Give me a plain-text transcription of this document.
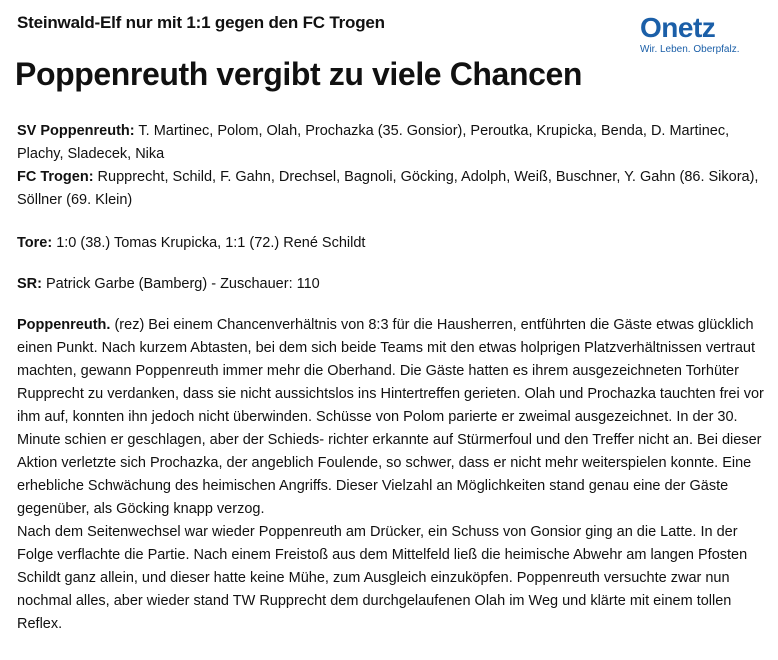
Steinwald-Elf nur mit 1:1 gegen den FC Trogen	Onetz
Wir. Leben. Oberpfalz.
Poppenreuth vergibt zu viele Chancen
SV Poppenreuth: T. Martinec, Polom, Olah, Prochazka (35. Gonsior), Peroutka, Krupicka, Benda, D. Martinec, Plachy, Sladecek, Nika
FC Trogen: Rupprecht, Schild, F. Gahn, Drechsel, Bagnoli, Göcking, Adolph, Weiß, Buschner, Y. Gahn (86. Sikora), Söllner (69. Klein)
Tore: 1:0 (38.) Tomas Krupicka, 1:1 (72.) René Schildt
SR: Patrick Garbe (Bamberg) - Zuschauer: 110
Poppenreuth. (rez) Bei einem Chancenverhältnis von 8:3 für die Hausherren, entführten die Gäste etwas glücklich einen Punkt. Nach kurzem Abtasten, bei dem sich beide Teams mit den etwas holprigen Platzverhältnissen vertraut machten, gewann Poppenreuth immer mehr die Oberhand. Die Gäste hatten es ihrem ausgezeichneten Torhüter Rupprecht zu verdanken, dass sie nicht aussichtslos ins Hintertreffen gerieten. Olah und Prochazka tauchten frei vor ihm auf, konnten ihn jedoch nicht überwinden. Schüsse von Polom parierte er zweimal ausgezeichnet. In der 30. Minute schien er geschlagen, aber der Schieds- richter erkannte auf Stürmerfoul und den Treffer nicht an. Bei dieser Aktion verletzte sich Prochazka, der angeblich Foulende, so schwer, dass er nicht mehr weiterspielen konnte. Eine erhebliche Schwächung des heimischen Angriffs. Dieser Vielzahl an Möglichkeiten stand genau eine der Gäste gegenüber, als Göcking knapp verzog.
Nach dem Seitenwechsel war wieder Poppenreuth am Drücker, ein Schuss von Gonsior ging an die Latte. In der Folge verflachte die Partie. Nach einem Freistoß aus dem Mittelfeld ließ die heimische Abwehr am langen Pfosten Schildt ganz allein, und dieser hatte keine Mühe, zum Ausgleich einzuköpfen. Poppenreuth versuchte zwar nun nochmal alles, aber wieder stand TW Rupprecht dem durchgelaufenen Olah im Weg und klärte mit einem tollen Reflex.
